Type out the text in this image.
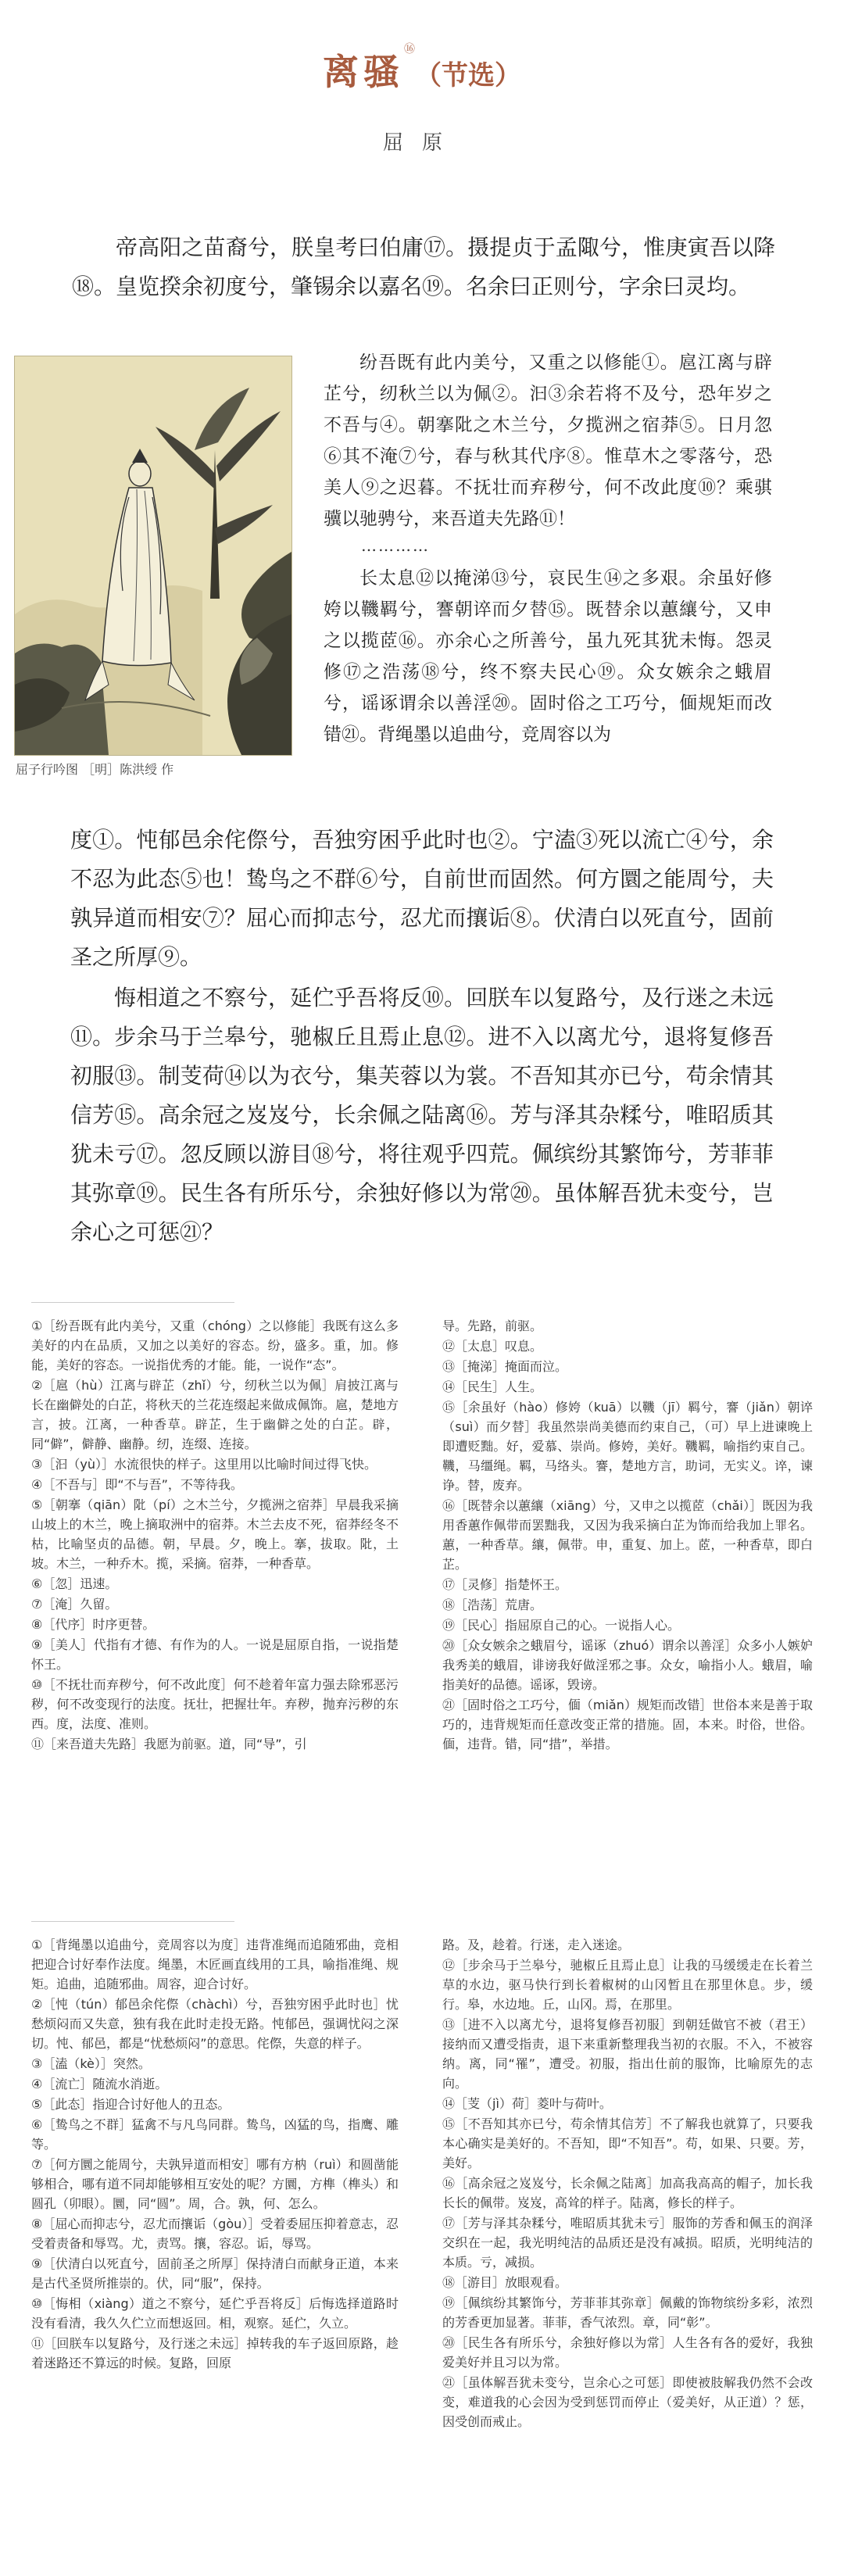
离骚⑯（节选）
屈原

帝高阳之苗裔兮，朕皇考曰伯庸⑰。摄提贞于孟陬兮，惟庚寅吾以降⑱。皇览揆余初度兮，肇锡余以嘉名⑲。名余曰正则兮，字余曰灵均。

屈子行吟图 ［明］陈洪绶 作

纷吾既有此内美兮，又重之以修能①。扈江离与辟芷兮，纫秋兰以为佩②。汩③余若将不及兮，恐年岁之不吾与④。朝搴阰之木兰兮，夕揽洲之宿莽⑤。日月忽⑥其不淹⑦兮，春与秋其代序⑧。惟草木之零落兮，恐美人⑨之迟暮。不抚壮而弃秽兮，何不改此度⑩？乘骐骥以驰骋兮，来吾道夫先路⑪！

…………

长太息⑫以掩涕⑬兮，哀民生⑭之多艰。余虽好修姱以鞿羁兮，謇朝谇而夕替⑮。既替余以蕙纕兮，又申之以揽茝⑯。亦余心之所善兮，虽九死其犹未悔。怨灵修⑰之浩荡⑱兮，终不察夫民心⑲。众女嫉余之蛾眉兮，谣诼谓余以善淫⑳。固时俗之工巧兮，偭规矩而改错㉑。背绳墨以追曲兮，竞周容以为

度①。忳郁邑余侘傺兮，吾独穷困乎此时也②。宁溘③死以流亡④兮，余不忍为此态⑤也！鸷鸟之不群⑥兮，自前世而固然。何方圜之能周兮，夫孰异道而相安⑦？屈心而抑志兮，忍尤而攘诟⑧。伏清白以死直兮，固前圣之所厚⑨。

悔相道之不察兮，延伫乎吾将反⑩。回朕车以复路兮，及行迷之未远⑪。步余马于兰皋兮，驰椒丘且焉止息⑫。进不入以离尤兮，退将复修吾初服⑬。制芰荷⑭以为衣兮，集芙蓉以为裳。不吾知其亦已兮，苟余情其信芳⑮。高余冠之岌岌兮，长余佩之陆离⑯。芳与泽其杂糅兮，唯昭质其犹未亏⑰。忽反顾以游目⑱兮，将往观乎四荒。佩缤纷其繁饰兮，芳菲菲其弥章⑲。民生各有所乐兮，余独好修以为常⑳。虽体解吾犹未变兮，岂余心之可惩㉑？

①［纷吾既有此内美兮，又重（chóng）之以修能］我既有这么多美好的内在品质，又加之以美好的容态。纷，盛多。重，加。修能，美好的容态。一说指优秀的才能。能，一说作“态”。

②［扈（hù）江离与辟芷（zhǐ）兮，纫秋兰以为佩］肩披江离与长在幽僻处的白芷，将秋天的兰花连缀起来做成佩饰。扈，楚地方言，披。江离，一种香草。辟芷，生于幽僻之处的白芷。辟，同“僻”，僻静、幽静。纫，连缀、连接。

③［汩（yù）］水流很快的样子。这里用以比喻时间过得飞快。

④［不吾与］即“不与吾”，不等待我。

⑤［朝搴（qiān）阰（pí）之木兰兮，夕揽洲之宿莽］早晨我采摘山坡上的木兰，晚上摘取洲中的宿莽。木兰去皮不死，宿莽经冬不枯，比喻坚贞的品德。朝，早晨。夕，晚上。搴，拔取。阰，土坡。木兰，一种乔木。揽，采摘。宿莽，一种香草。

⑥［忽］迅速。

⑦［淹］久留。

⑧［代序］时序更替。

⑨［美人］代指有才德、有作为的人。一说是屈原自指，一说指楚怀王。

⑩［不抚壮而弃秽兮，何不改此度］何不趁着年富力强去除邪恶污秽，何不改变现行的法度。抚壮，把握壮年。弃秽，抛弃污秽的东西。度，法度、准则。

⑪［来吾道夫先路］我愿为前驱。道，同“导”，引

导。先路，前驱。

⑫［太息］叹息。

⑬［掩涕］掩面而泣。

⑭［民生］人生。

⑮［余虽好（hào）修姱（kuā）以鞿（jī）羁兮，謇（jiǎn）朝谇（suì）而夕替］我虽然崇尚美德而约束自己，（可）早上进谏晚上即遭贬黜。好，爱慕、崇尚。修姱，美好。鞿羁，喻指约束自己。鞿，马缰绳。羁，马络头。謇，楚地方言，助词，无实义。谇，谏诤。替，废弃。

⑯［既替余以蕙纕（xiāng）兮，又申之以揽茝（chǎi）］既因为我用香蕙作佩带而罢黜我，又因为我采摘白芷为饰而给我加上罪名。蕙，一种香草。纕，佩带。申，重复、加上。茝，一种香草，即白芷。

⑰［灵修］指楚怀王。

⑱［浩荡］荒唐。

⑲［民心］指屈原自己的心。一说指人心。

⑳［众女嫉余之蛾眉兮，谣诼（zhuó）谓余以善淫］众多小人嫉妒我秀美的蛾眉，诽谤我好做淫邪之事。众女，喻指小人。蛾眉，喻指美好的品德。谣诼，毁谤。

㉑［固时俗之工巧兮，偭（miǎn）规矩而改错］世俗本来是善于取巧的，违背规矩而任意改变正常的措施。固，本来。时俗，世俗。偭，违背。错，同“措”，举措。

①［背绳墨以追曲兮，竞周容以为度］违背准绳而追随邪曲，竞相把迎合讨好奉作法度。绳墨，木匠画直线用的工具，喻指准绳、规矩。追曲，追随邪曲。周容，迎合讨好。

②［忳（tún）郁邑余侘傺（chàchì）兮，吾独穷困乎此时也］忧愁烦闷而又失意，独有我在此时走投无路。忳郁邑，强调忧闷之深切。忳、郁邑，都是“忧愁烦闷”的意思。侘傺，失意的样子。

③［溘（kè）］突然。

④［流亡］随流水消逝。

⑤［此态］指迎合讨好他人的丑态。

⑥［鸷鸟之不群］猛禽不与凡鸟同群。鸷鸟，凶猛的鸟，指鹰、雕等。

⑦［何方圜之能周兮，夫孰异道而相安］哪有方枘（ruì）和圆凿能够相合，哪有道不同却能够相互安处的呢？方圜，方榫（榫头）和圆孔（卯眼）。圜，同“圆”。周，合。孰，何、怎么。

⑧［屈心而抑志兮，忍尤而攘诟（gòu）］受着委屈压抑着意志，忍受着责备和辱骂。尤，责骂。攘，容忍。诟，辱骂。

⑨［伏清白以死直兮，固前圣之所厚］保持清白而献身正道，本来是古代圣贤所推崇的。伏，同“服”，保持。

⑩［悔相（xiàng）道之不察兮，延伫乎吾将反］后悔选择道路时没有看清，我久久伫立而想返回。相，观察。延伫，久立。

⑪［回朕车以复路兮，及行迷之未远］掉转我的车子返回原路，趁着迷路还不算远的时候。复路，回原

路。及，趁着。行迷，走入迷途。

⑫［步余马于兰皋兮，驰椒丘且焉止息］让我的马缓缓走在长着兰草的水边，驱马快行到长着椒树的山冈暂且在那里休息。步，缓行。皋，水边地。丘，山冈。焉，在那里。

⑬［进不入以离尤兮，退将复修吾初服］到朝廷做官不被（君王）接纳而又遭受指责，退下来重新整理我当初的衣服。不入，不被容纳。离，同“罹”，遭受。初服，指出仕前的服饰，比喻原先的志向。

⑭［芰（jì）荷］菱叶与荷叶。

⑮［不吾知其亦已兮，苟余情其信芳］不了解我也就算了，只要我本心确实是美好的。不吾知，即“不知吾”。苟，如果、只要。芳，美好。

⑯［高余冠之岌岌兮，长余佩之陆离］加高我高高的帽子，加长我长长的佩带。岌岌，高耸的样子。陆离，修长的样子。

⑰［芳与泽其杂糅兮，唯昭质其犹未亏］服饰的芳香和佩玉的润泽交织在一起，我光明纯洁的品质还是没有减损。昭质，光明纯洁的本质。亏，减损。

⑱［游目］放眼观看。

⑲［佩缤纷其繁饰兮，芳菲菲其弥章］佩戴的饰物缤纷多彩，浓烈的芳香更加显著。菲菲，香气浓烈。章，同“彰”。

⑳［民生各有所乐兮，余独好修以为常］人生各有各的爱好，我独爱美好并且习以为常。

㉑［虽体解吾犹未变兮，岂余心之可惩］即使被肢解我仍然不会改变，难道我的心会因为受到惩罚而停止（爱美好，从正道）？惩，因受创而戒止。
